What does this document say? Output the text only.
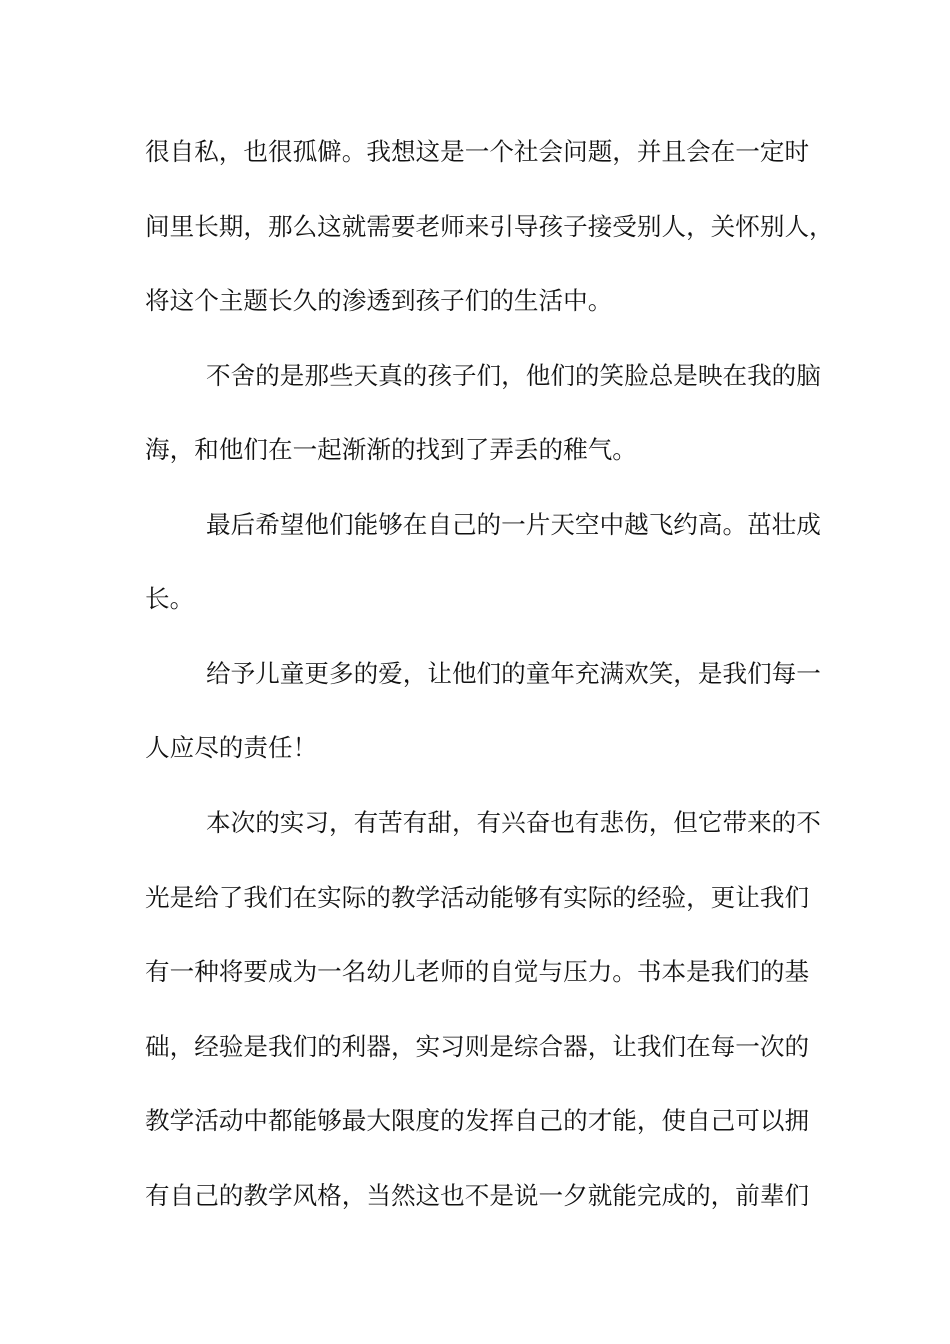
很自私，也很孤僻。我想这是一个社会问题，并且会在一定时
间里长期，那么这就需要老师来引导孩子接受别人，关怀别人，
将这个主题长久的渗透到孩子们的生活中。
不舍的是那些天真的孩子们，他们的笑脸总是映在我的脑
海，和他们在一起渐渐的找到了弄丢的稚气。
最后希望他们能够在自己的一片天空中越飞约高。茁壮成
长。
给予儿童更多的爱，让他们的童年充满欢笑，是我们每一
人应尽的责任！
本次的实习，有苦有甜，有兴奋也有悲伤，但它带来的不
光是给了我们在实际的教学活动能够有实际的经验，更让我们
有一种将要成为一名幼儿老师的自觉与压力。书本是我们的基
础，经验是我们的利器，实习则是综合器，让我们在每一次的
教学活动中都能够最大限度的发挥自己的才能，使自己可以拥
有自己的教学风格，当然这也不是说一夕就能完成的，前辈们
